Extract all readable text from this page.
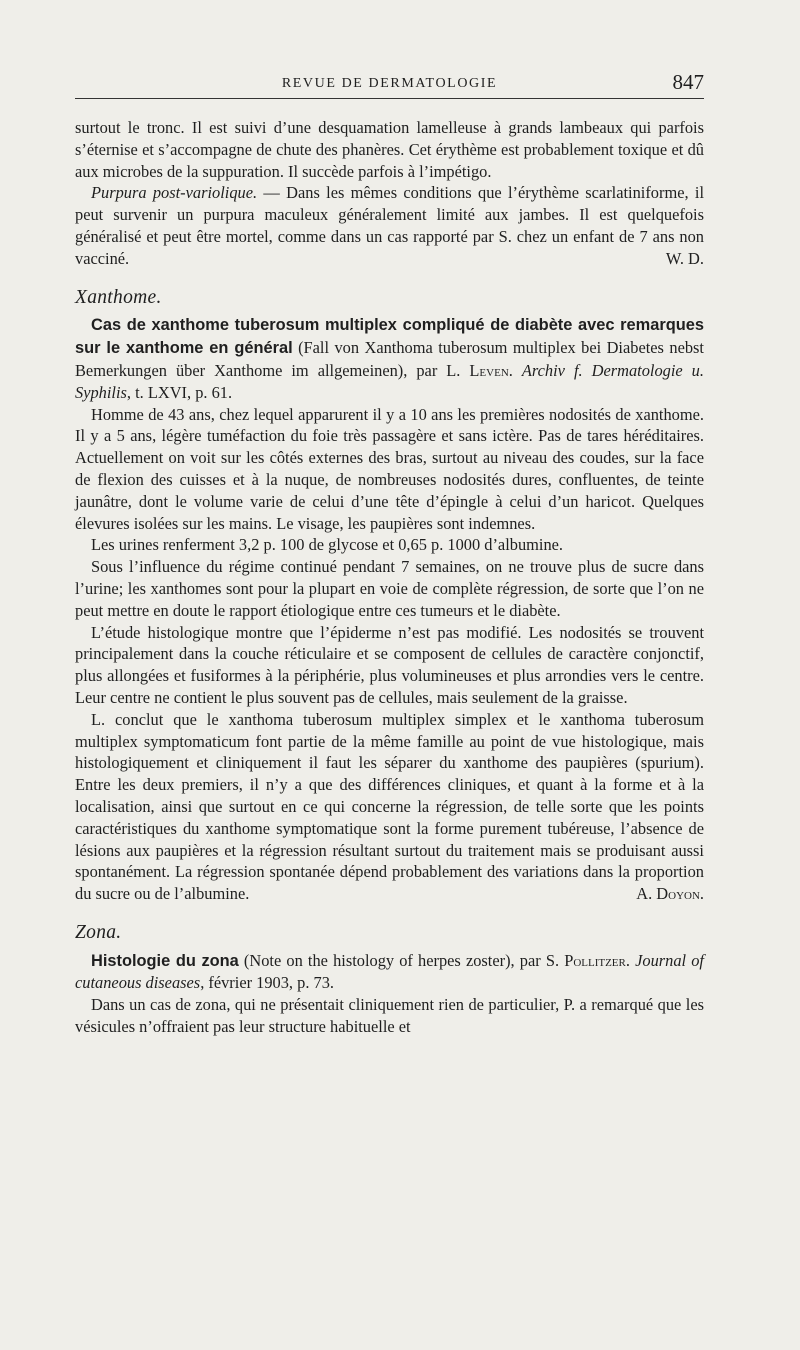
REVUE DE DERMATOLOGIE	847

surtout le tronc. Il est suivi d’une desquamation lamelleuse à grands lambeaux qui parfois s’éternise et s’accompagne de chute des phanères. Cet érythème est probablement toxique et dû aux microbes de la suppuration. Il succède parfois à l’impétigo.

Purpura post-variolique. — Dans les mêmes conditions que l’érythème scarlatiniforme, il peut survenir un purpura maculeux généralement limité aux jambes. Il est quelquefois généralisé et peut être mortel, comme dans un cas rapporté par S. chez un enfant de 7 ans non vacciné.	W. D.

Xanthome.

Cas de xanthome tuberosum multiplex compliqué de diabète avec remarques sur le xanthome en général (Fall von Xanthoma tuberosum multiplex bei Diabetes nebst Bemerkungen über Xanthome im allgemeinen), par L. Leven. Archiv f. Dermatologie u. Syphilis, t. LXVI, p. 61.

Homme de 43 ans, chez lequel apparurent il y a 10 ans les premières nodosités de xanthome. Il y a 5 ans, légère tuméfaction du foie très passagère et sans ictère. Pas de tares héréditaires. Actuellement on voit sur les côtés externes des bras, surtout au niveau des coudes, sur la face de flexion des cuisses et à la nuque, de nombreuses nodosités dures, confluentes, de teinte jaunâtre, dont le volume varie de celui d’une tête d’épingle à celui d’un haricot. Quelques élevures isolées sur les mains. Le visage, les paupières sont indemnes.

Les urines renferment 3,2 p. 100 de glycose et 0,65 p. 1000 d’albumine.

Sous l’influence du régime continué pendant 7 semaines, on ne trouve plus de sucre dans l’urine; les xanthomes sont pour la plupart en voie de complète régression, de sorte que l’on ne peut mettre en doute le rapport étiologique entre ces tumeurs et le diabète.

L’étude histologique montre que l’épiderme n’est pas modifié. Les nodosités se trouvent principalement dans la couche réticulaire et se composent de cellules de caractère conjonctif, plus allongées et fusiformes à la périphérie, plus volumineuses et plus arrondies vers le centre. Leur centre ne contient le plus souvent pas de cellules, mais seulement de la graisse.

L. conclut que le xanthoma tuberosum multiplex simplex et le xanthoma tuberosum multiplex symptomaticum font partie de la même famille au point de vue histologique, mais histologiquement et cliniquement il faut les séparer du xanthome des paupières (spurium). Entre les deux premiers, il n’y a que des différences cliniques, et quant à la forme et à la localisation, ainsi que surtout en ce qui concerne la régression, de telle sorte que les points caractéristiques du xanthome symptomatique sont la forme purement tubéreuse, l’absence de lésions aux paupières et la régression résultant surtout du traitement mais se produisant aussi spontanément. La régression spontanée dépend probablement des variations dans la proportion du sucre ou de l’albumine.	A. Doyon.

Zona.

Histologie du zona (Note on the histology of herpes zoster), par S. Pollitzer. Journal of cutaneous diseases, février 1903, p. 73.

Dans un cas de zona, qui ne présentait cliniquement rien de particulier, P. a remarqué que les vésicules n’offraient pas leur structure habituelle et
